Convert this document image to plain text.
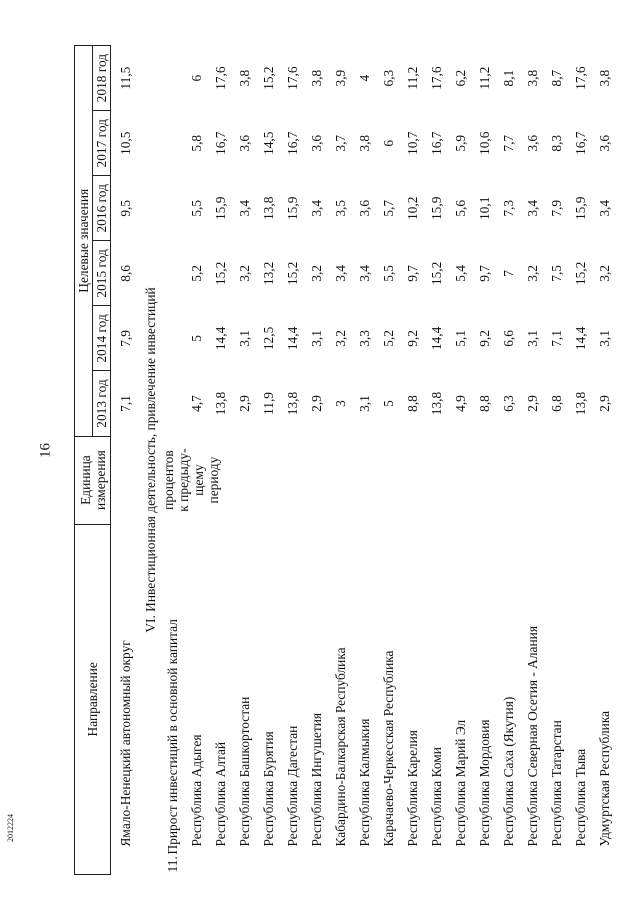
16
Направление	Единица измерения	Целевые значения					
		2013 год	2014 год	2015 год	2016 год	2017 год	2018 год
Ямало-Ненецкий автономный округ		7,1	7,9	8,6	9,5	10,5	11,5
VI. Инвестиционная деятельность, привлечение инвестиций							
11.Прирост инвестиций в основной капитал	процентов к предыду- щему периоду						

Республика Адыгея		4,7	5	5,2	5,5	5,8	6
Республика Алтай		13,8	14,4	15,2	15,9	16,7	17,6
Республика Башкортостан		2,9	3,1	3,2	3,4	3,6	3,8
Республика Бурятия		11,9	12,5	13,2	13,8	14,5	15,2
Республика Дагестан		13,8	14,4	15,2	15,9	16,7	17,6
Республика Ингушетия		2,9	3,1	3,2	3,4	3,6	3,8
Кабардино-Балкарская Республика		3	3,2	3,4	3,5	3,7	3,9
Республика Калмыкия		3,1	3,3	3,4	3,6	3,8	4
Карачаево-Черкесская Республика		5	5,2	5,5	5,7	6	6,3
Республика Карелия		8,8	9,2	9,7	10,2	10,7	11,2
Республика Коми		13,8	14,4	15,2	15,9	16,7	17,6
Республика Марий Эл		4,9	5,1	5,4	5,6	5,9	6,2
Республика Мордовия		8,8	9,2	9,7	10,1	10,6	11,2
Республика Саха (Якутия)		6,3	6,6	7	7,3	7,7	8,1
Республика Северная Осетия - Алания		2,9	3,1	3,2	3,4	3,6	3,8
Республика Татарстан		6,8	7,1	7,5	7,9	8,3	8,7
Республика Тыва		13,8	14,4	15,2	15,9	16,7	17,6
Удмуртская Республика		2,9	3,1	3,2	3,4	3,6	3,8
2012224
